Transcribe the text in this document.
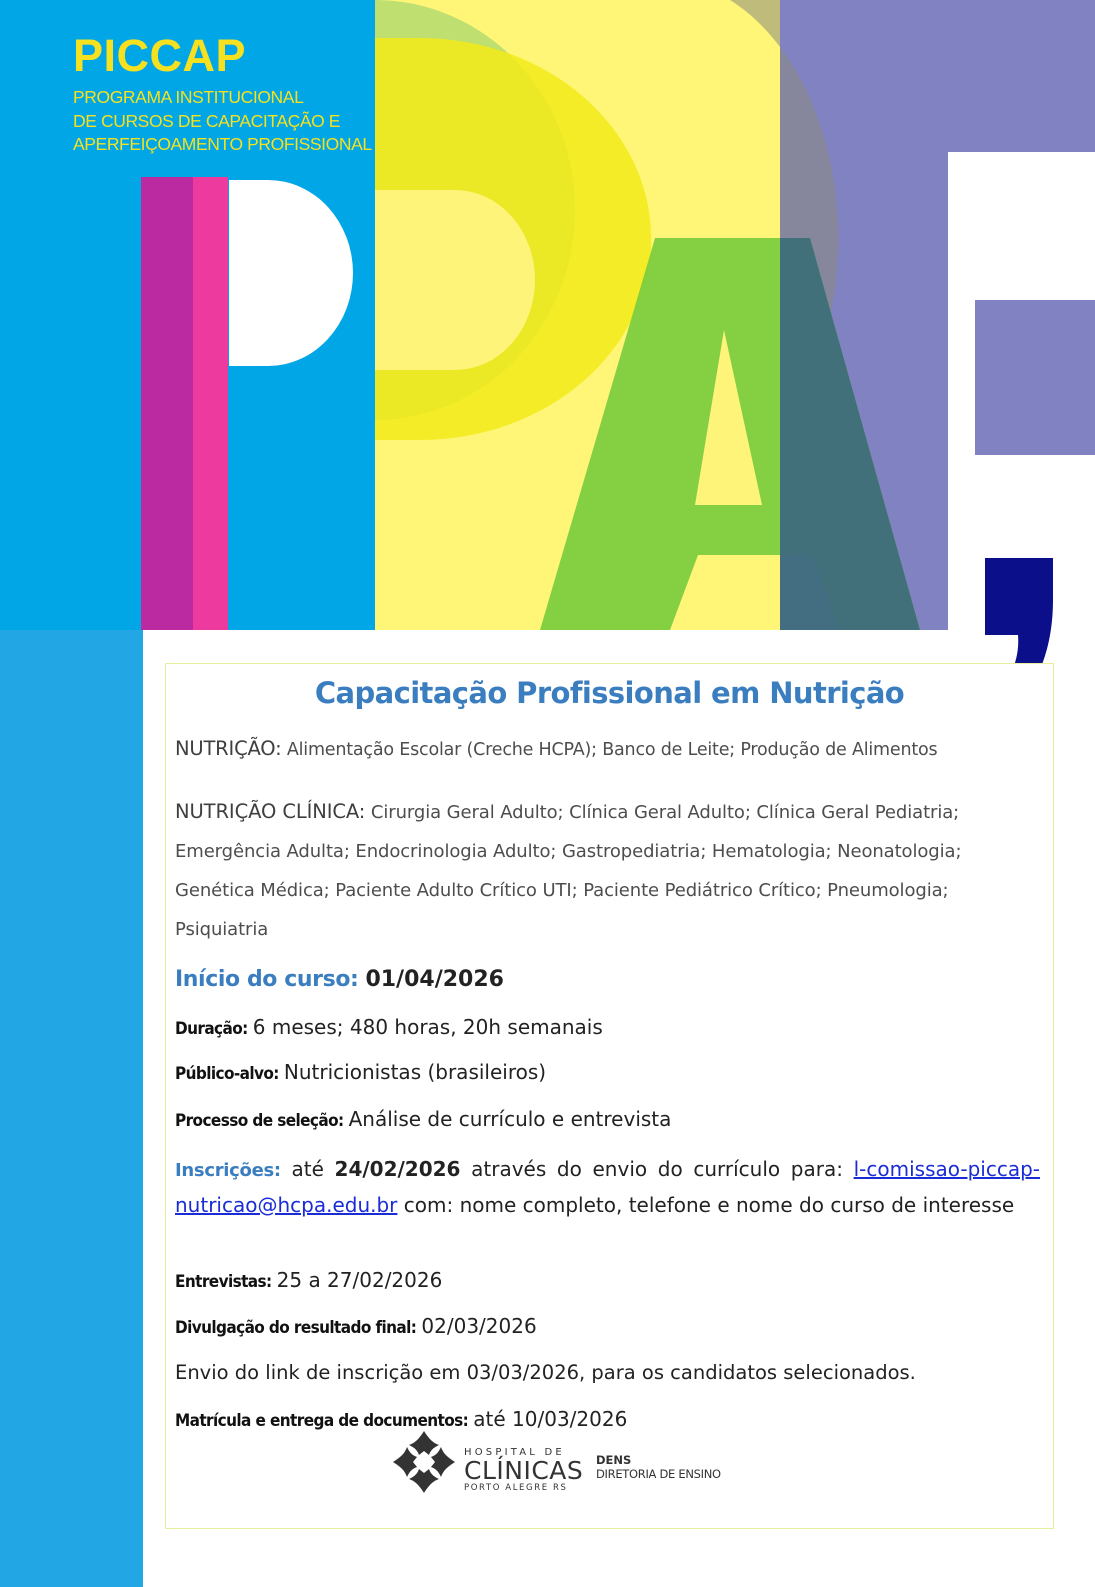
PICCAP
PROGRAMA INSTITUCIONAL
DE CURSOS DE CAPACITAÇÃO E
APERFEIÇOAMENTO PROFISSIONAL
Capacitação Profissional em Nutrição
NUTRIÇÃO: Alimentação Escolar (Creche HCPA); Banco de Leite; Produção de Alimentos
NUTRIÇÃO CLÍNICA: Cirurgia Geral Adulto; Clínica Geral Adulto; Clínica Geral Pediatria; Emergência Adulta; Endocrinologia Adulto; Gastropediatria; Hematologia; Neonatologia; Genética Médica; Paciente Adulto Crítico UTI; Paciente Pediátrico Crítico; Pneumologia; Psiquiatria
Início do curso: 01/04/2026
Duração: 6 meses; 480 horas, 20h semanais
Público-alvo: Nutricionistas (brasileiros)
Processo de seleção: Análise de currículo e entrevista
Inscrições: até 24/02/2026 através do envio do currículo para: l-comissao-piccap-nutricao@hcpa.edu.br com: nome completo, telefone e nome do curso de interesse
Entrevistas: 25 a 27/02/2026
Divulgação do resultado final: 02/03/2026
Envio do link de inscrição em 03/03/2026, para os candidatos selecionados.
Matrícula e entrega de documentos: até 10/03/2026
HOSPITAL DE
CLÍNICAS
PORTO ALEGRE RS
DENS
DIRETORIA DE ENSINO
